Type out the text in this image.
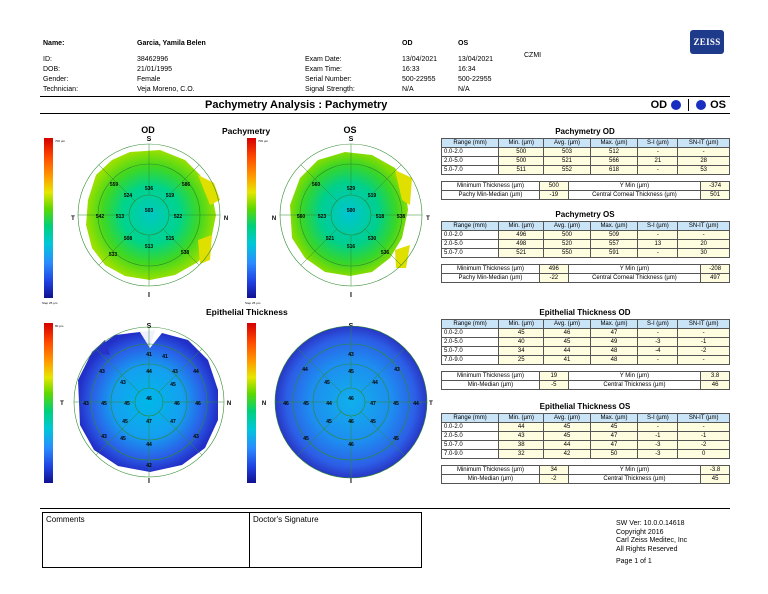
Name:	Garcia, Yamila Belen
ID:	38462996
DOB:	21/01/1995
Gender:	Female
Technician:	Veja Moreno, C.O.
OD	OS
Exam Date:	13/04/2021	13/04/2021
Exam Time:	16:33	16:34
Serial Number:	500-22955	500-22955
Signal Strength:	N/A	N/A
CZMI
ZEISS
Pachymetry Analysis : Pachymetry	OD	OS
Pachymetry
Epithelial Thickness
700 µm
Step 25 µm
700 µm
Step 25 µm
80 µm
OD
S
I
T	N
503
536
519
522
515
513
508
513
524
586
559
538
533
542
OS
S
I
N	T
500
529
519
518
530
516
521
523
560
560
536
538
S
I
T	N
41
44
43
43
43	44
45
45
46
46	46
45
47	47
45
43	43
42
44
45
43
41
I
N	T
43
45
45	44
46
44	47
46
45	45
45	45
46	44
44	43
45	45
46
Pachymetry OD
Range (mm)	Min. (µm)	Avg. (µm)	Max. (µm)	S-I (µm)	SN-IT (µm)
0.0-2.0	500	503	512	-	-
2.0-5.0	500	521	566	21	28
5.0-7.0	511	552	618	-	53
Minimum Thickness (µm)	500	Y Min (µm)	-374
Pachy Min-Median (µm)	-19	Central Corneal Thickness (µm)	501
Pachymetry OS
Range (mm)	Min. (µm)	Avg. (µm)	Max. (µm)	S-I (µm)	SN-IT (µm)
0.0-2.0	496	500	509	-	-
2.0-5.0	498	520	557	13	20
5.0-7.0	521	550	591	-	30
Minimum Thickness (µm)	496	Y Min (µm)	-208
Pachy Min-Median (µm)	-22	Central Corneal Thickness (µm)	497
Epithelial Thickness OD
Range (mm)	Min. (µm)	Avg. (µm)	Max. (µm)	S-I (µm)	SN-IT (µm)
0.0-2.0	45	46	47	-	-
2.0-5.0	40	45	49	-3	-1
5.0-7.0	34	44	48	-4	-2
7.0-9.0	25	41	48	-	-
Minimum Thickness (µm)	19	Y Min (µm)	3.8
Min-Median (µm)	-5	Central Thickness (µm)	46
Epithelial Thickness OS
Range (mm)	Min. (µm)	Avg. (µm)	Max. (µm)	S-I (µm)	SN-IT (µm)
0.0-2.0	44	45	45	-	-
2.0-5.0	43	45	47	-1	-1
5.0-7.0	38	44	47	-3	-2
7.0-9.0	32	42	50	-3	0
Minimum Thickness (µm)	34	Y Min (µm)	-3.8
Min-Median (µm)	-2	Central Thickness (µm)	45
Comments	Doctor's Signature	SW Ver: 10.0.0.14618
Copyright 2016
Carl Zeiss Meditec, Inc
All Rights Reserved
Page 1 of 1
